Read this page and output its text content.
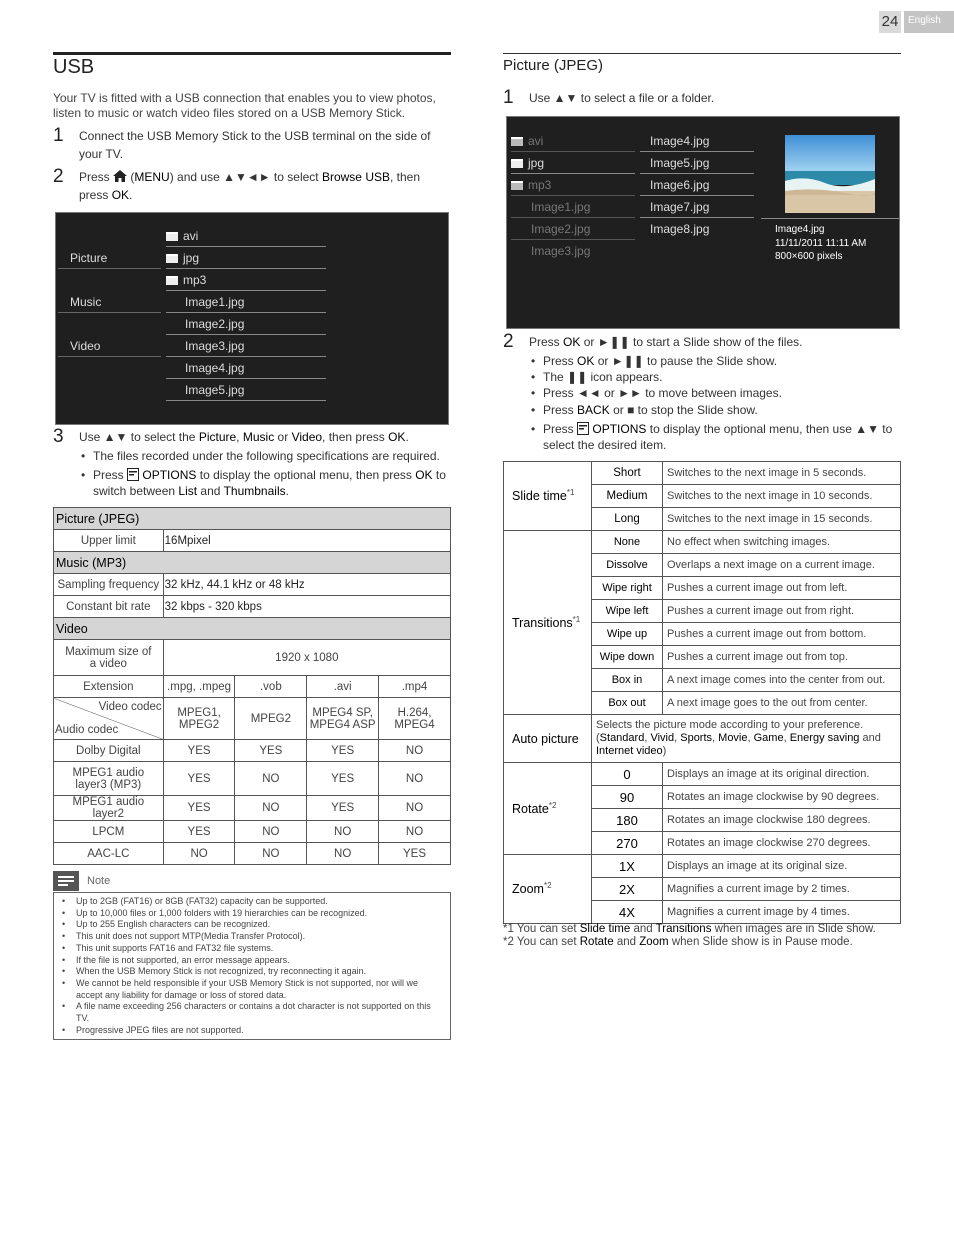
24 English
USB
Your TV is fitted with a USB connection that enables you to view photos, listen to music or watch video files stored on a USB Memory Stick.
1	Connect the USB Memory Stick to the USB terminal on the side of your TV.
2	Press (MENU) and use ▲▼◄► to select Browse USB, then press OK.
Picture
Music
Video
avi
jpg
mp3
Image1.jpg
Image2.jpg
Image3.jpg
Image4.jpg
Image5.jpg
3	Use ▲▼ to select the Picture, Music or Video, then press OK.
• The files recorded under the following specifications are required.
• Press OPTIONS to display the optional menu, then press OK to switch between List and Thumbnails.
Picture (JPEG)				
Upper limit	16Mpixel			
Music (MP3)				
Sampling frequency	32 kHz, 44.1 kHz or 48 kHz			
Constant bit rate	32 kbps - 320 kbps			
Video				
Maximum size of a video	1920 x 1080			
Extension	.mpg, .mpeg	.vob	.avi	.mp4

Video codec
Audio codec	MPEG1, MPEG2	MPEG2	MPEG4 SP, MPEG4 ASP	H.264, MPEG4
Dolby Digital	YES	YES	YES	NO
MPEG1 audio layer3 (MP3)	YES	NO	YES	NO
MPEG1 audio layer2	YES	NO	YES	NO
LPCM	YES	NO	NO	NO
AAC-LC	NO	NO	NO	YES
Note
• Up to 2GB (FAT16) or 8GB (FAT32) capacity can be supported.
• Up to 10,000 files or 1,000 folders with 19 hierarchies can be recognized.
• Up to 255 English characters can be recognized.
• This unit does not support MTP(Media Transfer Protocol).
• This unit supports FAT16 and FAT32 file systems.
• If the file is not supported, an error message appears.
• When the USB Memory Stick is not recognized, try reconnecting it again.
• We cannot be held responsible if your USB Memory Stick is not supported, nor will we accept any liability for damage or loss of stored data.
• A file name exceeding 256 characters or contains a dot character is not supported on this TV.
• Progressive JPEG files are not supported.
Picture (JPEG)
1	Use ▲▼ to select a file or a folder.
avi
jpg
mp3
Image1.jpg
Image2.jpg
Image3.jpg
Image4.jpg
Image5.jpg
Image6.jpg
Image7.jpg
Image8.jpg	Image4.jpg
11/11/2011 11:11 AM
800×600 pixels
2	Press OK or ►❚❚ to start a Slide show of the files.
• Press OK or ►❚❚ to pause the Slide show.
• The ❚❚ icon appears.
• Press ◄◄ or ►► to move between images.
• Press BACK or ■ to stop the Slide show.
• Press OPTIONS to display the optional menu, then use ▲▼ to select the desired item.
Slide time$^{*1}$	Short	Switches to the next image in 5 seconds.
	Medium	Switches to the next image in 10 seconds.
	Long	Switches to the next image in 15 seconds.
Transitions$^{*1}$	None	No effect when switching images.
	Dissolve	Overlaps a next image on a current image.
	Wipe right	Pushes a current image out from left.
	Wipe left	Pushes a current image out from right.
	Wipe up	Pushes a current image out from bottom.
	Wipe down	Pushes a current image out from top.
	Box in	A next image comes into the center from out.
	Box out	A next image goes to the out from center.
Auto picture	Selects the picture mode according to your preference.
(Standard, Vivid, Sports, Movie, Game, Energy saving and
Internet video)	
Rotate$^{*2}$	0	Displays an image at its original direction.
	90	Rotates an image clockwise by 90 degrees.
	180	Rotates an image clockwise 180 degrees.
	270	Rotates an image clockwise 270 degrees.
Zoom$^{*2}$	1X	Displays an image at its original size.
	2X	Magnifies a current image by 2 times.
	4X	Magnifies a current image by 4 times.
*1 You can set Slide time and Transitions when images are in Slide show.
*2 You can set Rotate and Zoom when Slide show is in Pause mode.
